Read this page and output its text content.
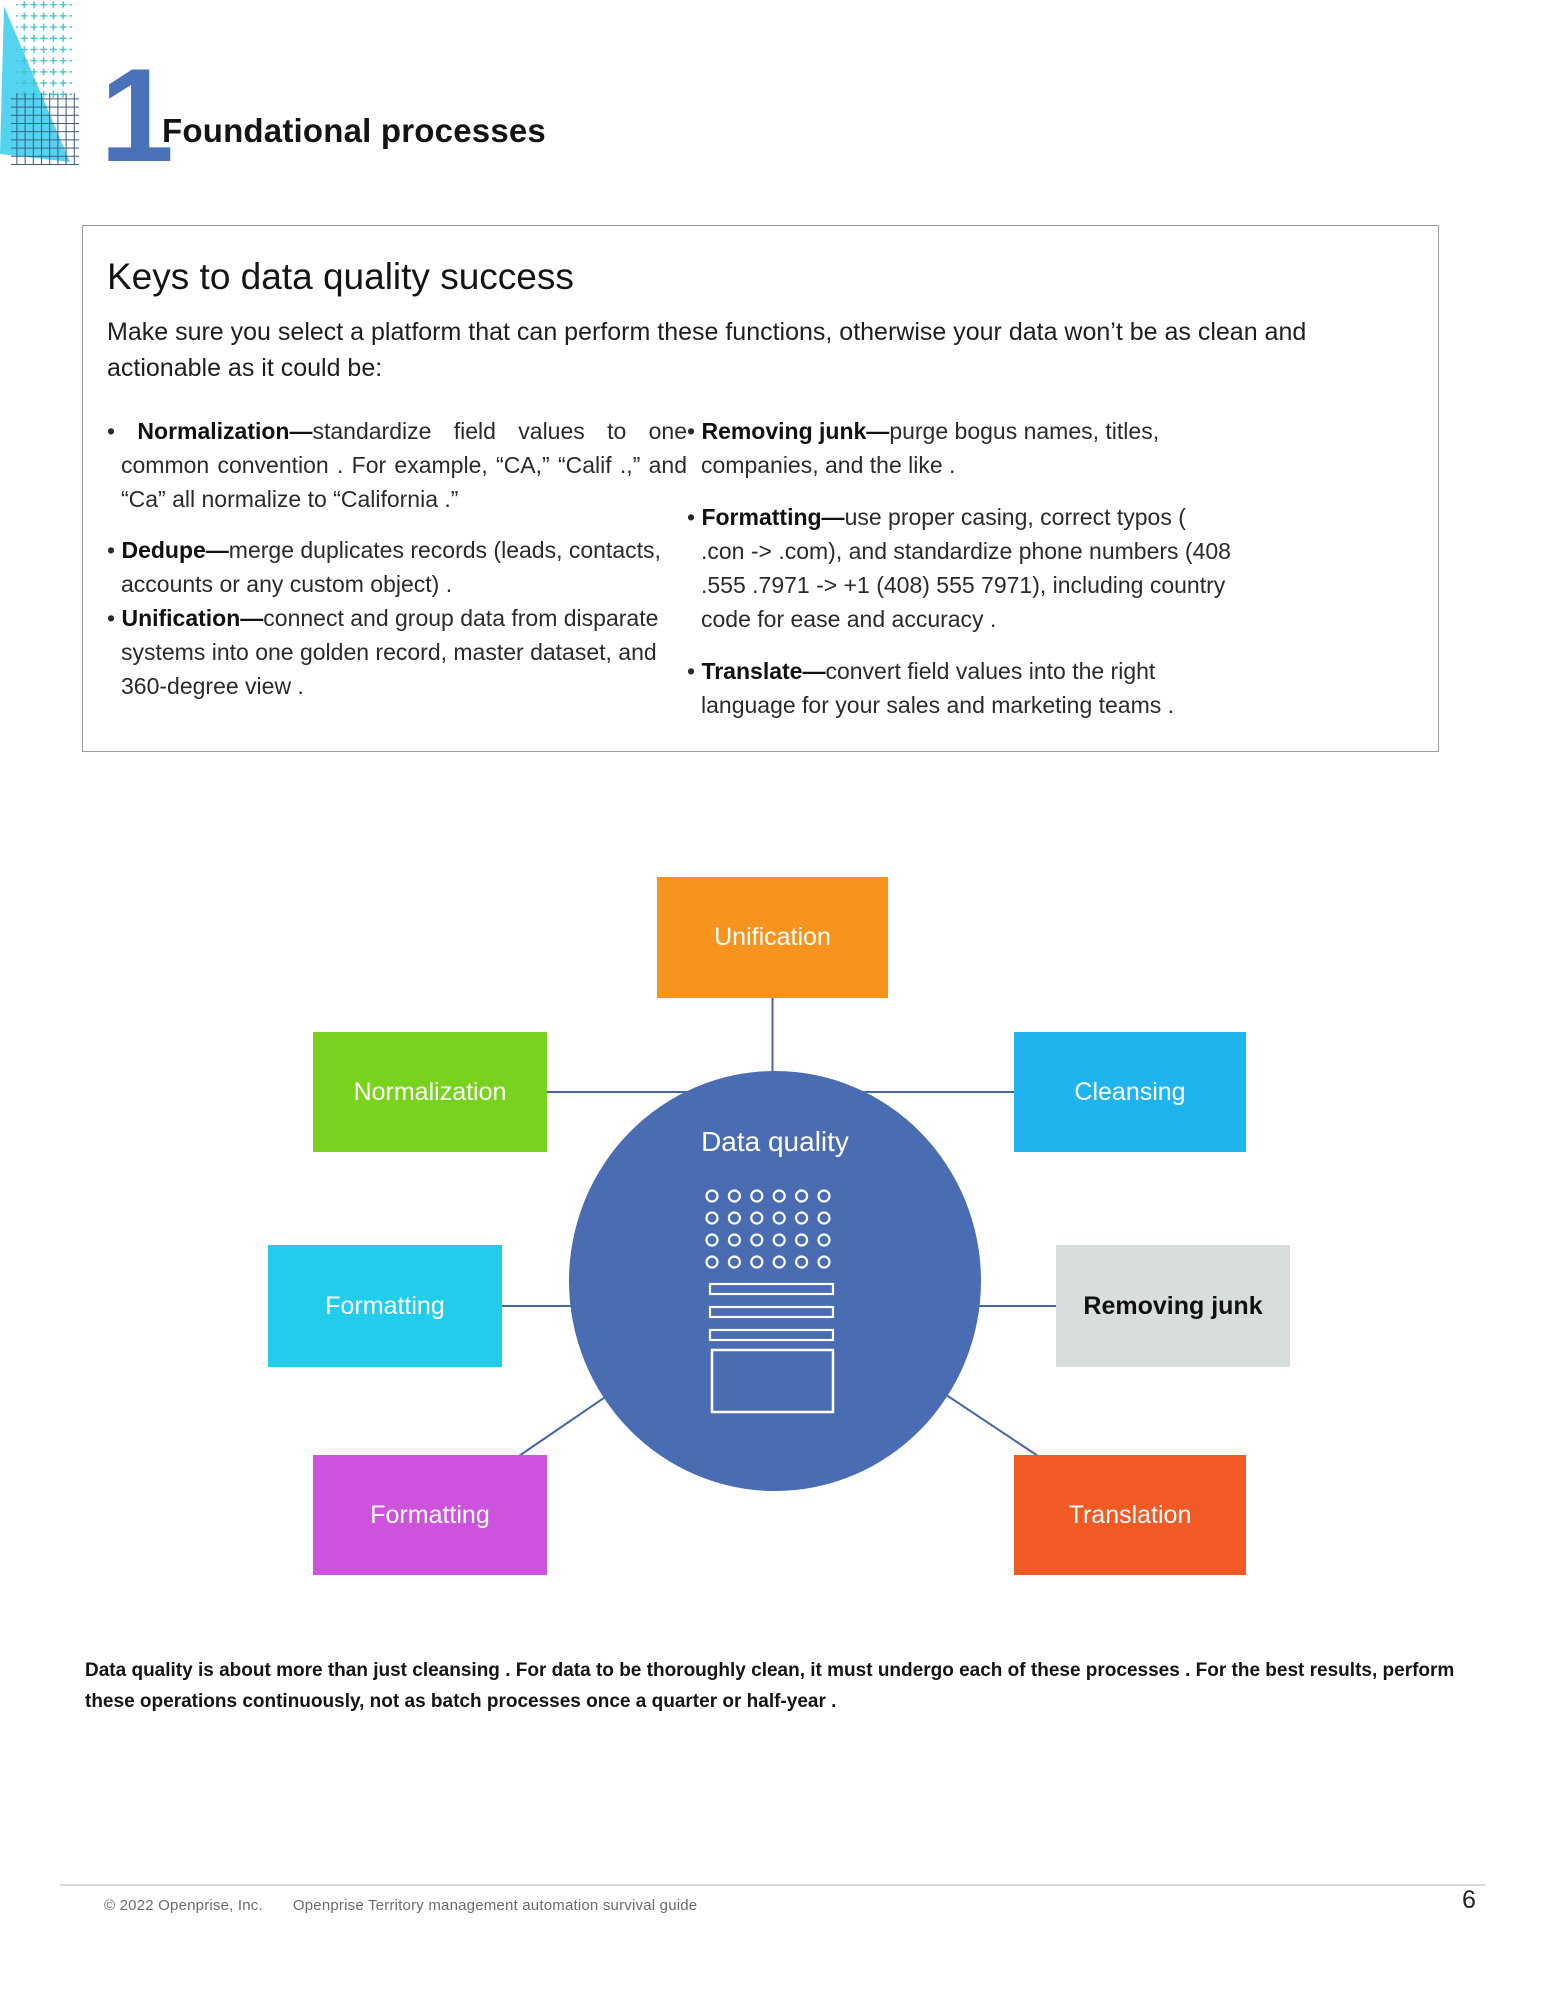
1
Foundational processes
Keys to data quality success

Make sure you select a platform that can perform these functions, otherwise your data won’t be as clean and actionable as it could be:

• Normalization—standardize field values to one common convention . For example, “CA,” “Calif .,” and “Ca” all normalize to “California .”
• Dedupe—merge duplicates records (leads, contacts, accounts or any custom object) .
• Unification—connect and group data from disparate systems into one golden record, master dataset, and 360-degree view .
• Removing junk—purge bogus names, titles, companies, and the like .
• Formatting—use proper casing, correct typos ( .con -> .com), and standardize phone numbers (408 .555 .7971 -> +1 (408) 555 7971), including country code for ease and accuracy .
• Translate—convert field values into the right language for your sales and marketing teams .
Data quality
Unification
Normalization	Cleansing
Formatting	Removing junk
Formatting	Translation

Data quality is about more than just cleansing . For data to be thoroughly clean, it must undergo each of these processes . For the best results, perform these operations continuously, not as batch processes once a quarter or half-year .

© 2022 Openprise, Inc. Openprise Territory management automation survival guide	6
